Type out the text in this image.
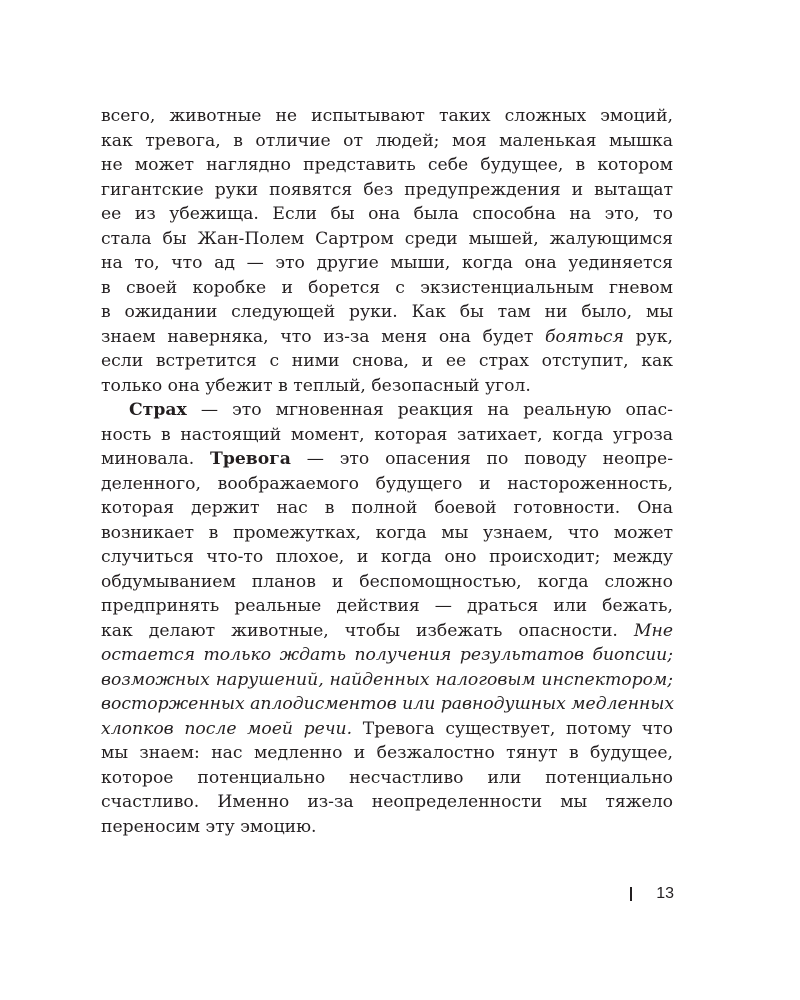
всего, животные не испытывают таких сложных эмоций,
как тревога, в отличие от людей; моя маленькая мышка
не может наглядно представить себе будущее, в котором
гигантские руки появятся без предупреждения и вытащат
ее из убежища. Если бы она была способна на это, то
стала бы Жан-Полем Сартром среди мышей, жалующимся
на то, что ад — это другие мыши, когда она уединяется
в своей коробке и борется с экзистенциальным гневом
в ожидании следующей руки. Как бы там ни было, мы
знаем наверняка, что из-за меня она будет бояться рук,
если встретится с ними снова, и ее страх отступит, как
только она убежит в теплый, безопасный угол.
Страх — это мгновенная реакция на реальную опас-
ность в настоящий момент, которая затихает, когда угроза
миновала. Тревога — это опасения по поводу неопре-
деленного, воображаемого будущего и настороженность,
которая держит нас в полной боевой готовности. Она
возникает в промежутках, когда мы узнаем, что может
случиться что-то плохое, и когда оно происходит; между
обдумыванием планов и беспомощностью, когда сложно
предпринять реальные действия — драться или бежать,
как делают животные, чтобы избежать опасности. Мне
остается только ждать получения результатов биопсии;
возможных нарушений, найденных налоговым инспектором;
восторженных аплодисментов или равнодушных медленных
хлопков после моей речи. Тревога существует, потому что
мы знаем: нас медленно и безжалостно тянут в будущее,
которое потенциально несчастливо или потенциально
счастливо. Именно из-за неопределенности мы тяжело
переносим эту эмоцию.
13
